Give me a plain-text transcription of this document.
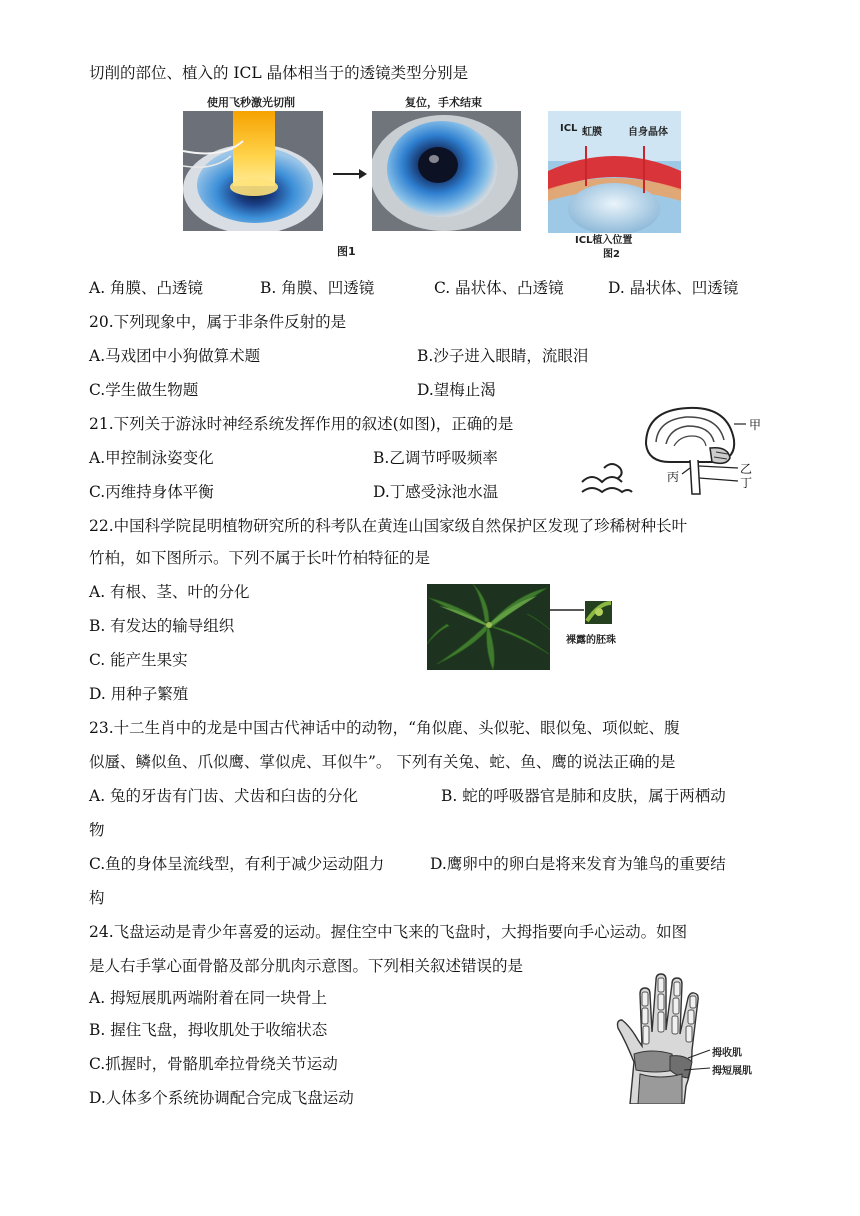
切削的部位、植入的 ICL 晶体相当于的透镜类型分别是
使用飞秒激光切削	复位，手术结束
图1
ICL 虹膜	自身晶体
ICL植入位置
图2
A. 角膜、凸透镜	B. 角膜、凹透镜	C. 晶状体、凸透镜	D. 晶状体、凹透镜
20.下列现象中，属于非条件反射的是
A.马戏团中小狗做算术题	B.沙子进入眼睛，流眼泪
C.学生做生物题	D.望梅止渴
21.下列关于游泳时神经系统发挥作用的叙述(如图)，正确的是
A.甲控制泳姿变化	B.乙调节呼吸频率
C.丙维持身体平衡	D.丁感受泳池水温
甲
乙
丙	丁
22.中国科学院昆明植物研究所的科考队在黄连山国家级自然保护区发现了珍稀树种长叶
竹柏，如下图所示。下列不属于长叶竹柏特征的是
A. 有根、茎、叶的分化
B. 有发达的输导组织
C. 能产生果实
D. 用种子繁殖
裸露的胚珠
23.十二生肖中的龙是中国古代神话中的动物，“角似鹿、头似驼、眼似兔、项似蛇、腹
似蜃、鳞似鱼、爪似鹰、掌似虎、耳似牛”。 下列有关兔、蛇、鱼、鹰的说法正确的是
A. 兔的牙齿有门齿、犬齿和臼齿的分化	B. 蛇的呼吸器官是肺和皮肤，属于两栖动
物
C.鱼的身体呈流线型，有利于减少运动阻力	D.鹰卵中的卵白是将来发育为雏鸟的重要结
构
24.飞盘运动是青少年喜爱的运动。握住空中飞来的飞盘时，大拇指要向手心运动。如图
是人右手掌心面骨骼及部分肌肉示意图。下列相关叙述错误的是
A. 拇短展肌两端附着在同一块骨上
B. 握住飞盘，拇收肌处于收缩状态
C.抓握时，骨骼肌牵拉骨绕关节运动
D.人体多个系统协调配合完成飞盘运动
拇收肌
拇短展肌
